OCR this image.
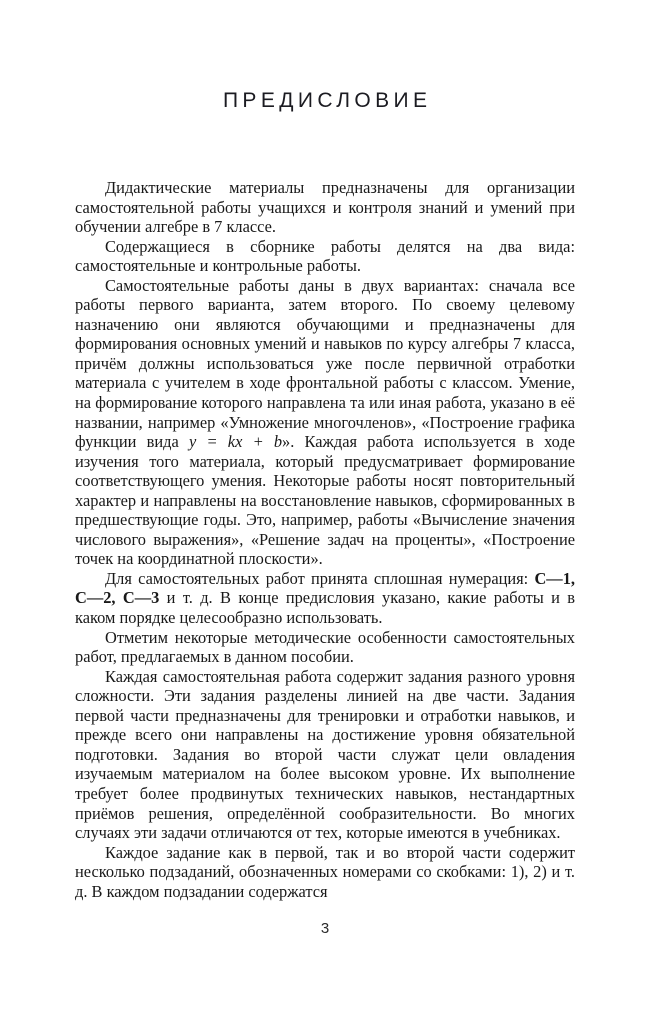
ПРЕДИСЛОВИЕ

Дидактические материалы предназначены для организации самостоятельной работы учащихся и контроля знаний и умений при обучении алгебре в 7 классе.

Содержащиеся в сборнике работы делятся на два вида: самостоятельные и контрольные работы.

Самостоятельные работы даны в двух вариантах: сначала все работы первого варианта, затем второго. По своему целевому назначению они являются обучающими и предназначены для формирования основных умений и навыков по курсу алгебры 7 класса, причём должны использоваться уже после первичной отработки материала с учителем в ходе фронтальной работы с классом. Умение, на формирование которого направлена та или иная работа, указано в её названии, например «Умножение многочленов», «Построение графика функции вида y = kx + b». Каждая работа используется в ходе изучения того материала, который предусматривает формирование соответствующего умения. Некоторые работы носят повторительный характер и направлены на восстановление навыков, сформированных в предшествующие годы. Это, например, работы «Вычисление значения числового выражения», «Решение задач на проценты», «Построение точек на координатной плоскости».

Для самостоятельных работ принята сплошная нумерация: С—1, С—2, С—3 и т. д. В конце предисловия указано, какие работы и в каком порядке целесообразно использовать.

Отметим некоторые методические особенности самостоятельных работ, предлагаемых в данном пособии.

Каждая самостоятельная работа содержит задания разного уровня сложности. Эти задания разделены линией на две части. Задания первой части предназначены для тренировки и отработки навыков, и прежде всего они направлены на достижение уровня обязательной подготовки. Задания во второй части служат цели овладения изучаемым материалом на более высоком уровне. Их выполнение требует более продвинутых технических навыков, нестандартных приёмов решения, определённой сообразительности. Во многих случаях эти задачи отличаются от тех, которые имеются в учебниках.

Каждое задание как в первой, так и во второй части содержит несколько подзаданий, обозначенных номерами со скобками: 1), 2) и т. д. В каждом подзадании содержатся

3
